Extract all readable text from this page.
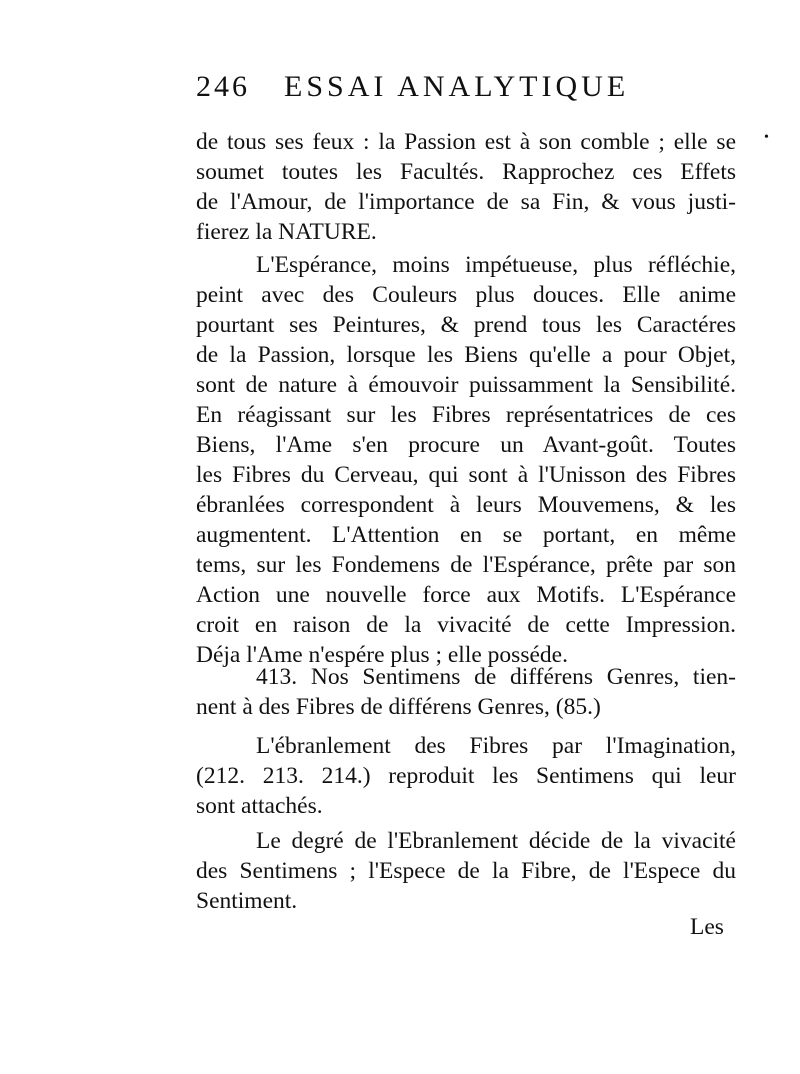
246 ESSAI ANALYTIQUE
•
de tous ses feux : la Passion est à son comble ; elle se
soumet toutes les Facultés. Rapprochez ces Effets
de l'Amour, de l'importance de sa Fin, & vous justi-
fierez la NATURE.
L'Espérance, moins impétueuse, plus réfléchie,
peint avec des Couleurs plus douces. Elle anime
pourtant ses Peintures, & prend tous les Caractéres
de la Passion, lorsque les Biens qu'elle a pour Objet,
sont de nature à émouvoir puissamment la Sensibilité.
En réagissant sur les Fibres représentatrices de ces
Biens, l'Ame s'en procure un Avant-goût. Toutes
les Fibres du Cerveau, qui sont à l'Unisson des Fibres
ébranlées correspondent à leurs Mouvemens, & les
augmentent. L'Attention en se portant, en même
tems, sur les Fondemens de l'Espérance, prête par son
Action une nouvelle force aux Motifs. L'Espérance
croit en raison de la vivacité de cette Impression.
Déja l'Ame n'espére plus ; elle posséde.
413. Nos Sentimens de différens Genres, tien-
nent à des Fibres de différens Genres, (85.)
L'ébranlement des Fibres par l'Imagination,
(212. 213. 214.) reproduit les Sentimens qui leur
sont attachés.
Le degré de l'Ebranlement décide de la vivacité
des Sentimens ; l'Espece de la Fibre, de l'Espece du
Sentiment.
Les
